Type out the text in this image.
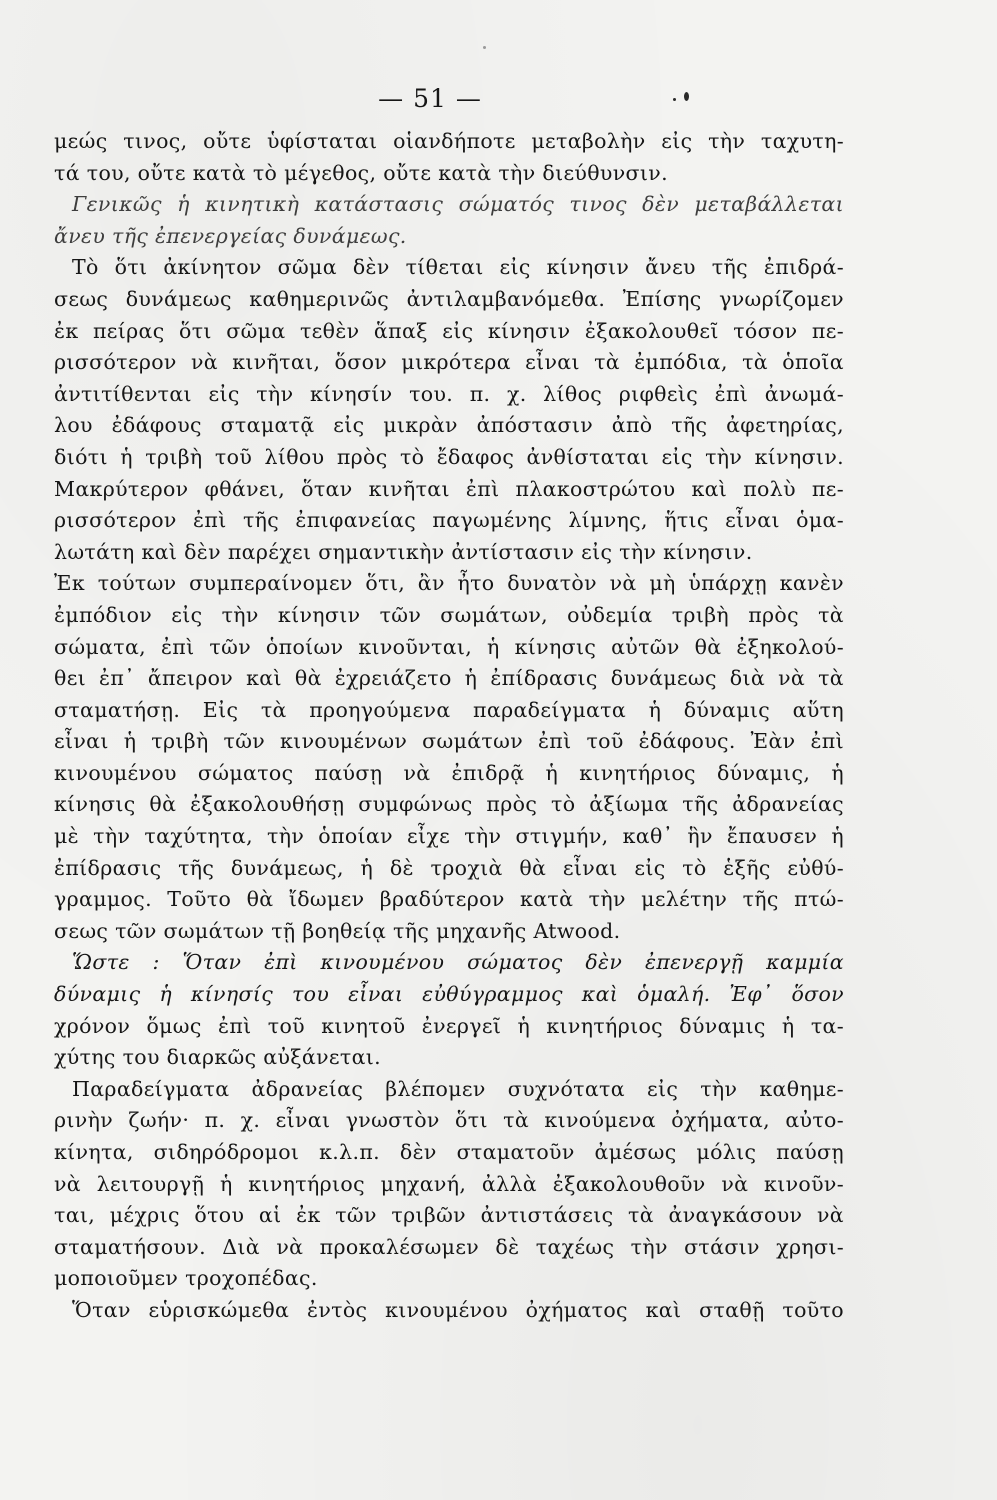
— 51 —
μεώς τινος, οὔτε ὑφίσταται οἱανδήποτε μεταβολὴν εἰς τὴν ταχυτη-
τά του, οὔτε κατὰ τὸ μέγεθος, οὔτε κατὰ τὴν διεύθυνσιν.
Γενικῶς ἡ κινητικὴ κατάστασις σώματός τινος δὲν μεταβάλλεται
ἄνευ τῆς ἐπενεργείας δυνάμεως.
Τὸ ὅτι ἀκίνητον σῶμα δὲν τίθεται εἰς κίνησιν ἄνευ τῆς ἐπιδρά-
σεως δυνάμεως καθημερινῶς ἀντιλαμβανόμεθα. Ἐπίσης γνωρίζομεν
ἐκ πείρας ὅτι σῶμα τεθὲν ἅπαξ εἰς κίνησιν ἐξακολουθεῖ τόσον πε-
ρισσότερον νὰ κινῆται, ὅσον μικρότερα εἶναι τὰ ἐμπόδια, τὰ ὁποῖα
ἀντιτίθενται εἰς τὴν κίνησίν του. π. χ. λίθος ριφθεὶς ἐπὶ ἀνωμά-
λου ἐδάφους σταματᾷ εἰς μικρὰν ἀπόστασιν ἀπὸ τῆς ἀφετηρίας,
διότι ἡ τριβὴ τοῦ λίθου πρὸς τὸ ἔδαφος ἀνθίσταται εἰς τὴν κίνησιν.
Μακρύτερον φθάνει, ὅταν κινῆται ἐπὶ πλακοστρώτου καὶ πολὺ πε-
ρισσότερον ἐπὶ τῆς ἐπιφανείας παγωμένης λίμνης, ἥτις εἶναι ὁμα-
λωτάτη καὶ δὲν παρέχει σημαντικὴν ἀντίστασιν εἰς τὴν κίνησιν.
Ἐκ τούτων συμπεραίνομεν ὅτι, ἂν ἦτο δυνατὸν νὰ μὴ ὑπάρχῃ κανὲν
ἐμπόδιον εἰς τὴν κίνησιν τῶν σωμάτων, οὐδεμία τριβὴ πρὸς τὰ
σώματα, ἐπὶ τῶν ὁποίων κινοῦνται, ἡ κίνησις αὐτῶν θὰ ἐξηκολού-
θει ἐπ᾽ ἄπειρον καὶ θὰ ἐχρειάζετο ἡ ἐπίδρασις δυνάμεως διὰ νὰ τὰ
σταματήσῃ. Εἰς τὰ προηγούμενα παραδείγματα ἡ δύναμις αὕτη
εἶναι ἡ τριβὴ τῶν κινουμένων σωμάτων ἐπὶ τοῦ ἐδάφους. Ἐὰν ἐπὶ
κινουμένου σώματος παύσῃ νὰ ἐπιδρᾷ ἡ κινητήριος δύναμις, ἡ
κίνησις θὰ ἐξακολουθήσῃ συμφώνως πρὸς τὸ ἀξίωμα τῆς ἀδρανείας
μὲ τὴν ταχύτητα, τὴν ὁποίαν εἶχε τὴν στιγμήν, καθ᾽ ἣν ἔπαυσεν ἡ
ἐπίδρασις τῆς δυνάμεως, ἡ δὲ τροχιὰ θὰ εἶναι εἰς τὸ ἑξῆς εὐθύ-
γραμμος. Τοῦτο θὰ ἴδωμεν βραδύτερον κατὰ τὴν μελέτην τῆς πτώ-
σεως τῶν σωμάτων τῇ βοηθείᾳ τῆς μηχανῆς Atwood.
Ὥστε : Ὅταν ἐπὶ κινουμένου σώματος δὲν ἐπενεργῇ καμμία
δύναμις ἡ κίνησίς του εἶναι εὐθύγραμμος καὶ ὁμαλή. Ἐφ᾽ ὅσον
χρόνον ὅμως ἐπὶ τοῦ κινητοῦ ἐνεργεῖ ἡ κινητήριος δύναμις ἡ τα-
χύτης του διαρκῶς αὐξάνεται.
Παραδείγματα ἀδρανείας βλέπομεν συχνότατα εἰς τὴν καθημε-
ρινὴν ζωήν· π. χ. εἶναι γνωστὸν ὅτι τὰ κινούμενα ὀχήματα, αὐτο-
κίνητα, σιδηρόδρομοι κ.λ.π. δὲν σταματοῦν ἀμέσως μόλις παύσῃ
νὰ λειτουργῇ ἡ κινητήριος μηχανή, ἀλλὰ ἐξακολουθοῦν νὰ κινοῦν-
ται, μέχρις ὅτου αἱ ἐκ τῶν τριβῶν ἀντιστάσεις τὰ ἀναγκάσουν νὰ
σταματήσουν. Διὰ νὰ προκαλέσωμεν δὲ ταχέως τὴν στάσιν χρησι-
μοποιοῦμεν τροχοπέδας.
Ὅταν εὑρισκώμεθα ἐντὸς κινουμένου ὀχήματος καὶ σταθῇ τοῦτο
